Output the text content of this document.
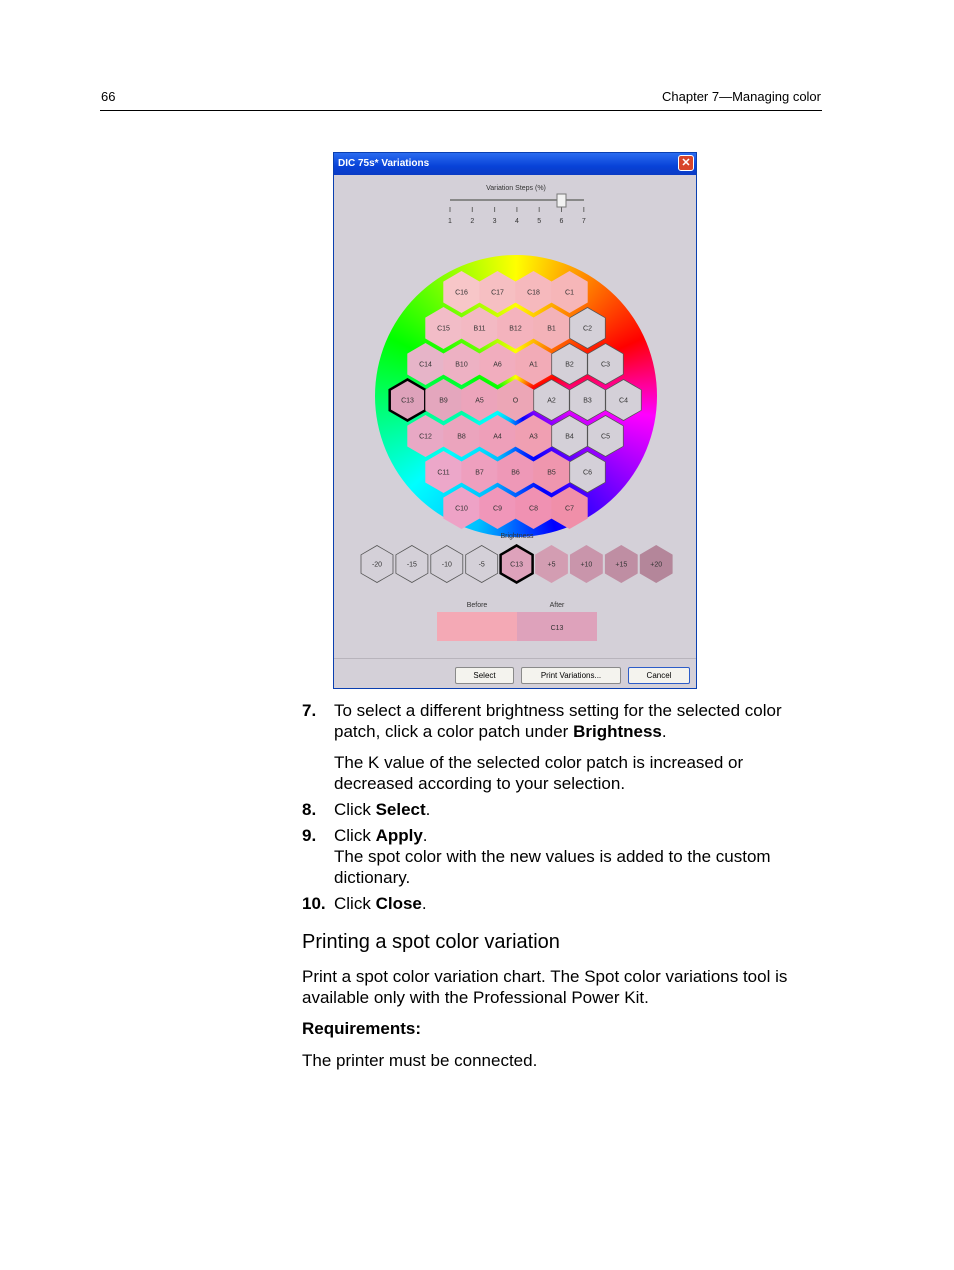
66	Chapter 7—Managing color
DIC 75s* Variations	✕
Variation Steps (%)
1	2	3	4	5	6	7
C16	C17	C18	C1
C15	B11	B12	B1	C2
C14	B10	A6	A1	B2	C3
C13	B9	A5	O	A2	B3	C4
C12	B8	A4	A3	B4	C5
C11	B7	B6	B5	C6
C10	C9	C8	C7
Brightness
-20	-15	-10	-5	C13	+5	+10	+15	+20
Before	After
C13
Select	Print Variations...	Cancel
7. To select a different brightness setting for the selected color patch, click a color patch under Brightness.
The K value of the selected color patch is increased or decreased according to your selection.
8. Click Select.
9. Click Apply.
The spot color with the new values is added to the custom dictionary.
10. Click Close.
Printing a spot color variation
Print a spot color variation chart. The Spot color variations tool is available only with the Professional Power Kit.
Requirements:
The printer must be connected.
